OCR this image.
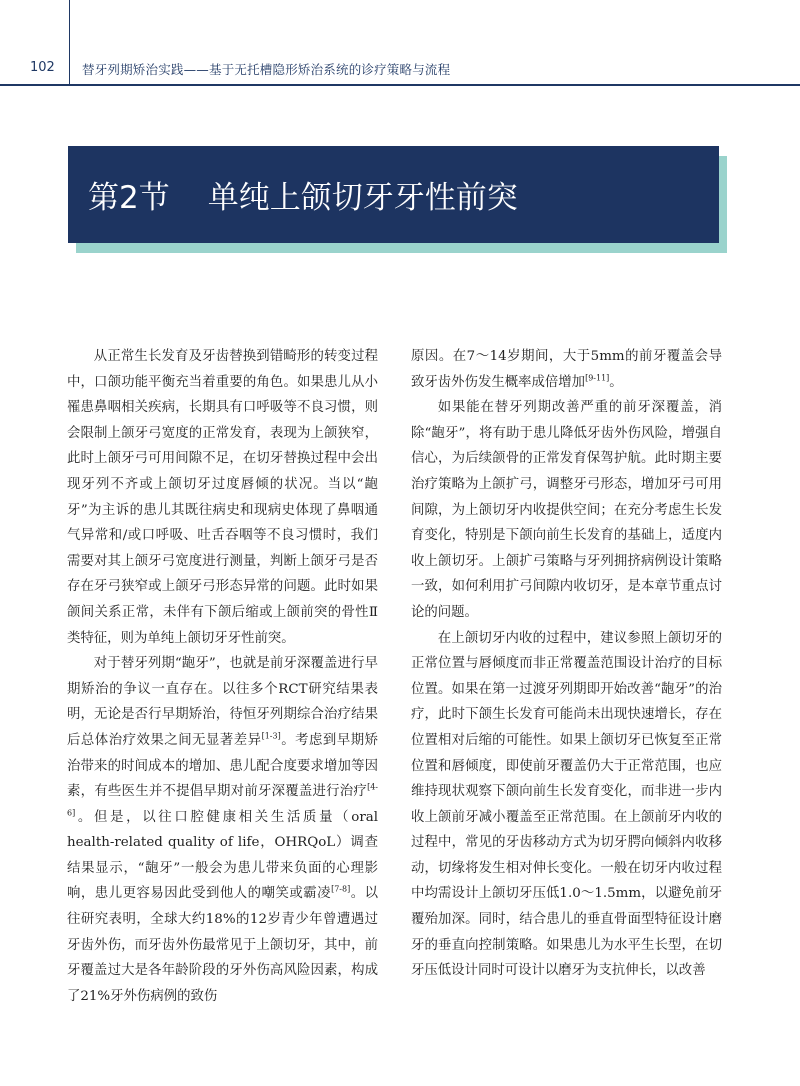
102 替牙列期矫治实践——基于无托槽隐形矫治系统的诊疗策略与流程
第2节 单纯上颌切牙牙性前突

从正常生长发育及牙齿替换到错畸形的转变过程中，口颌功能平衡充当着重要的角色。如果患儿从小罹患鼻咽相关疾病，长期具有口呼吸等不良习惯，则会限制上颌牙弓宽度的正常发育，表现为上颌狭窄，此时上颌牙弓可用间隙不足，在切牙替换过程中会出现牙列不齐或上颌切牙过度唇倾的状况。当以“龅牙”为主诉的患儿其既往病史和现病史体现了鼻咽通气异常和/或口呼吸、吐舌吞咽等不良习惯时，我们需要对其上颌牙弓宽度进行测量，判断上颌牙弓是否存在牙弓狭窄或上颌牙弓形态异常的问题。此时如果颌间关系正常，未伴有下颌后缩或上颌前突的骨性Ⅱ类特征，则为单纯上颌切牙牙性前突。

对于替牙列期“龅牙”，也就是前牙深覆盖进行早期矫治的争议一直存在。以往多个RCT研究结果表明，无论是否行早期矫治，待恒牙列期综合治疗结果后总体治疗效果之间无显著差异[1-3]。考虑到早期矫治带来的时间成本的增加、患儿配合度要求增加等因素，有些医生并不提倡早期对前牙深覆盖进行治疗[4-6]。但是，以往口腔健康相关生活质量（oral health-related quality of life，OHRQoL）调查结果显示，“龅牙”一般会为患儿带来负面的心理影响，患儿更容易因此受到他人的嘲笑或霸凌[7-8]。以往研究表明，全球大约18%的12岁青少年曾遭遇过牙齿外伤，而牙齿外伤最常见于上颌切牙，其中，前牙覆盖过大是各年龄阶段的牙外伤高风险因素，构成了21%牙外伤病例的致伤

原因。在7～14岁期间，大于5mm的前牙覆盖会导致牙齿外伤发生概率成倍增加[9-11]。

如果能在替牙列期改善严重的前牙深覆盖，消除“龅牙”，将有助于患儿降低牙齿外伤风险，增强自信心，为后续颌骨的正常发育保驾护航。此时期主要治疗策略为上颌扩弓，调整牙弓形态，增加牙弓可用间隙，为上颌切牙内收提供空间；在充分考虑生长发育变化，特别是下颌向前生长发育的基础上，适度内收上颌切牙。上颌扩弓策略与牙列拥挤病例设计策略一致，如何利用扩弓间隙内收切牙，是本章节重点讨论的问题。

在上颌切牙内收的过程中，建议参照上颌切牙的正常位置与唇倾度而非正常覆盖范围设计治疗的目标位置。如果在第一过渡牙列期即开始改善“龅牙”的治疗，此时下颌生长发育可能尚未出现快速增长，存在位置相对后缩的可能性。如果上颌切牙已恢复至正常位置和唇倾度，即使前牙覆盖仍大于正常范围，也应维持现状观察下颌向前生长发育变化，而非进一步内收上颌前牙减小覆盖至正常范围。在上颌前牙内收的过程中，常见的牙齿移动方式为切牙腭向倾斜内收移动，切缘将发生相对伸长变化。一般在切牙内收过程中均需设计上颌切牙压低1.0～1.5mm，以避免前牙覆殆加深。同时，结合患儿的垂直骨面型特征设计磨牙的垂直向控制策略。如果患儿为水平生长型，在切牙压低设计同时可设计以磨牙为支抗伸长，以改善
